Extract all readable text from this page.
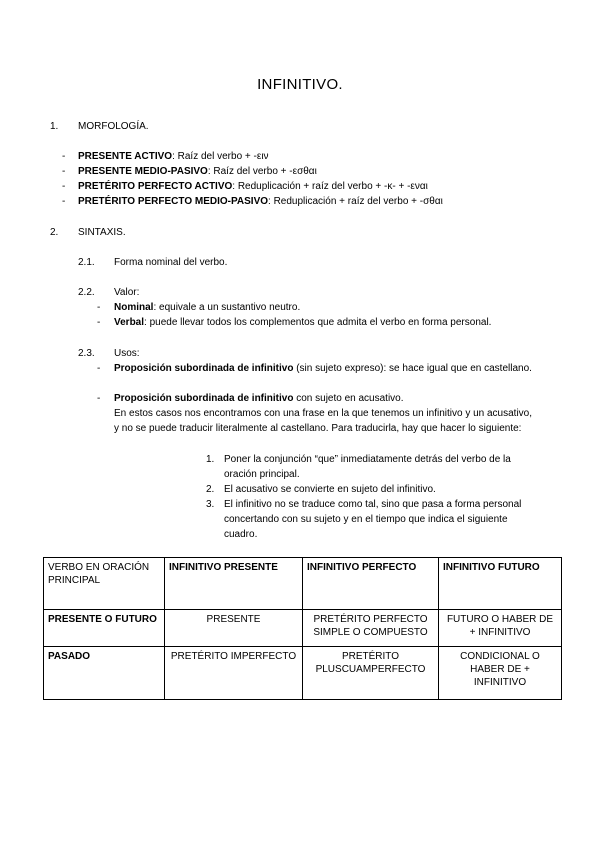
INFINITIVO.
1. MORFOLOGÍA.
- PRESENTE ACTIVO: Raíz del verbo + -ειν
- PRESENTE MEDIO-PASIVO: Raíz del verbo + -εσθαι
- PRETÉRITO PERFECTO ACTIVO: Reduplicación + raíz del verbo + -κ- + -εναι
- PRETÉRITO PERFECTO MEDIO-PASIVO: Reduplicación + raíz del verbo + -σθαι
2. SINTAXIS.
2.1. Forma nominal del verbo.
2.2. Valor:
- Nominal: equivale a un sustantivo neutro.
- Verbal: puede llevar todos los complementos que admita el verbo en forma personal.
2.3. Usos:
- Proposición subordinada de infinitivo (sin sujeto expreso): se hace igual que en castellano.
- Proposición subordinada de infinitivo con sujeto en acusativo.
En estos casos nos encontramos con una frase en la que tenemos un infinitivo y un acusativo, y no se puede traducir literalmente al castellano. Para traducirla, hay que hacer lo siguiente:
1. Poner la conjunción “que” inmediatamente detrás del verbo de la oración principal.
2. El acusativo se convierte en sujeto del infinitivo.
3. El infinitivo no se traduce como tal, sino que pasa a forma personal concertando con su sujeto y en el tiempo que indica el siguiente cuadro.
VERBO EN ORACIÓN PRINCIPAL	INFINITIVO PRESENTE	INFINITIVO PERFECTO	INFINITIVO FUTURO
PRESENTE O FUTURO	PRESENTE	PRETÉRITO PERFECTO SIMPLE O COMPUESTO	FUTURO O HABER DE + INFINITIVO
PASADO	PRETÉRITO IMPERFECTO	PRETÉRITO PLUSCUAMPERFECTO	CONDICIONAL O HABER DE + INFINITIVO
